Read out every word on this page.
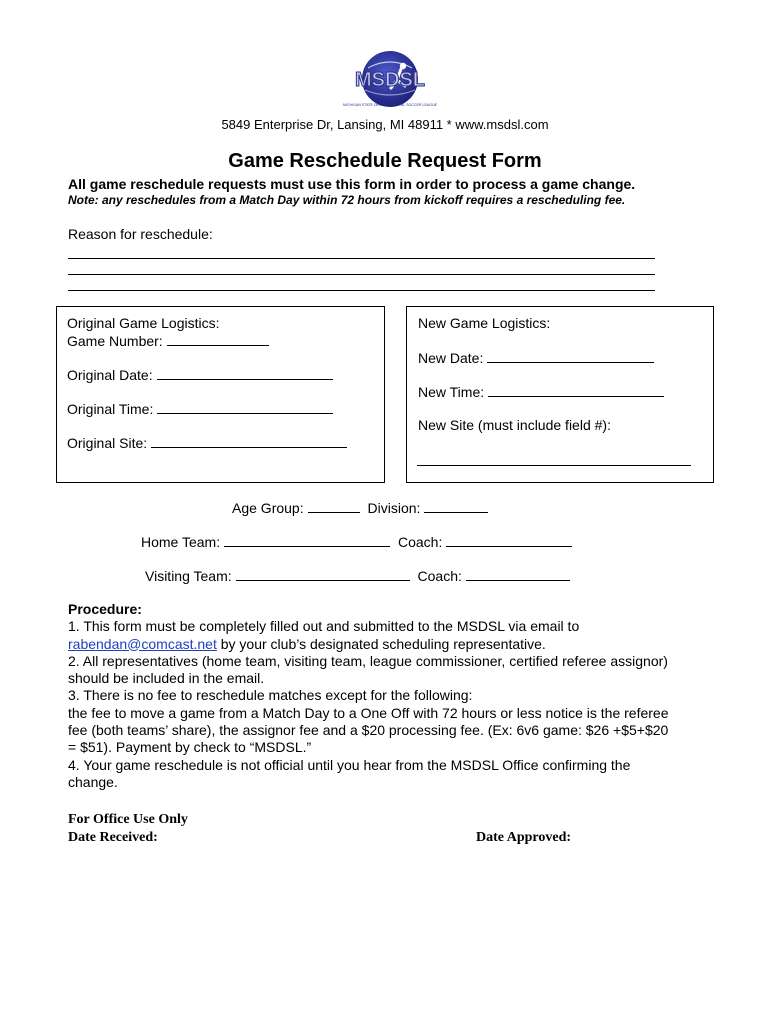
MSDSL
MICHIGAN STATE DEVELOPMENTAL SOCCER LEAGUE
5849 Enterprise Dr, Lansing, MI 48911 * www.msdsl.com
Game Reschedule Request Form
All game reschedule requests must use this form in order to process a game change.
Note: any reschedules from a Match Day within 72 hours from kickoff requires a rescheduling fee.
Reason for reschedule:
Original Game Logistics:
Game Number:
Original Date:
Original Time:
Original Site:
New Game Logistics:
New Date:
New Time:
New Site (must include field #):
Age Group:	Division:
Home Team:	Coach:
Visiting Team:	Coach:

Procedure:

1. This form must be completely filled out and submitted to the MSDSL via email to
rabendan@comcast.net by your club’s designated scheduling representative.

2. All representatives (home team, visiting team, league commissioner, certified referee assignor) should be included in the email.

3. There is no fee to reschedule matches except for the following:

the fee to move a game from a Match Day to a One Off with 72 hours or less notice is the referee fee (both teams’ share), the assignor fee and a $20 processing fee. (Ex: 6v6 game: $26 +$5+$20 = $51). Payment by check to “MSDSL.”

4. Your game reschedule is not official until you hear from the MSDSL Office confirming the change.

For Office Use Only
Date Received:	Date Approved:
